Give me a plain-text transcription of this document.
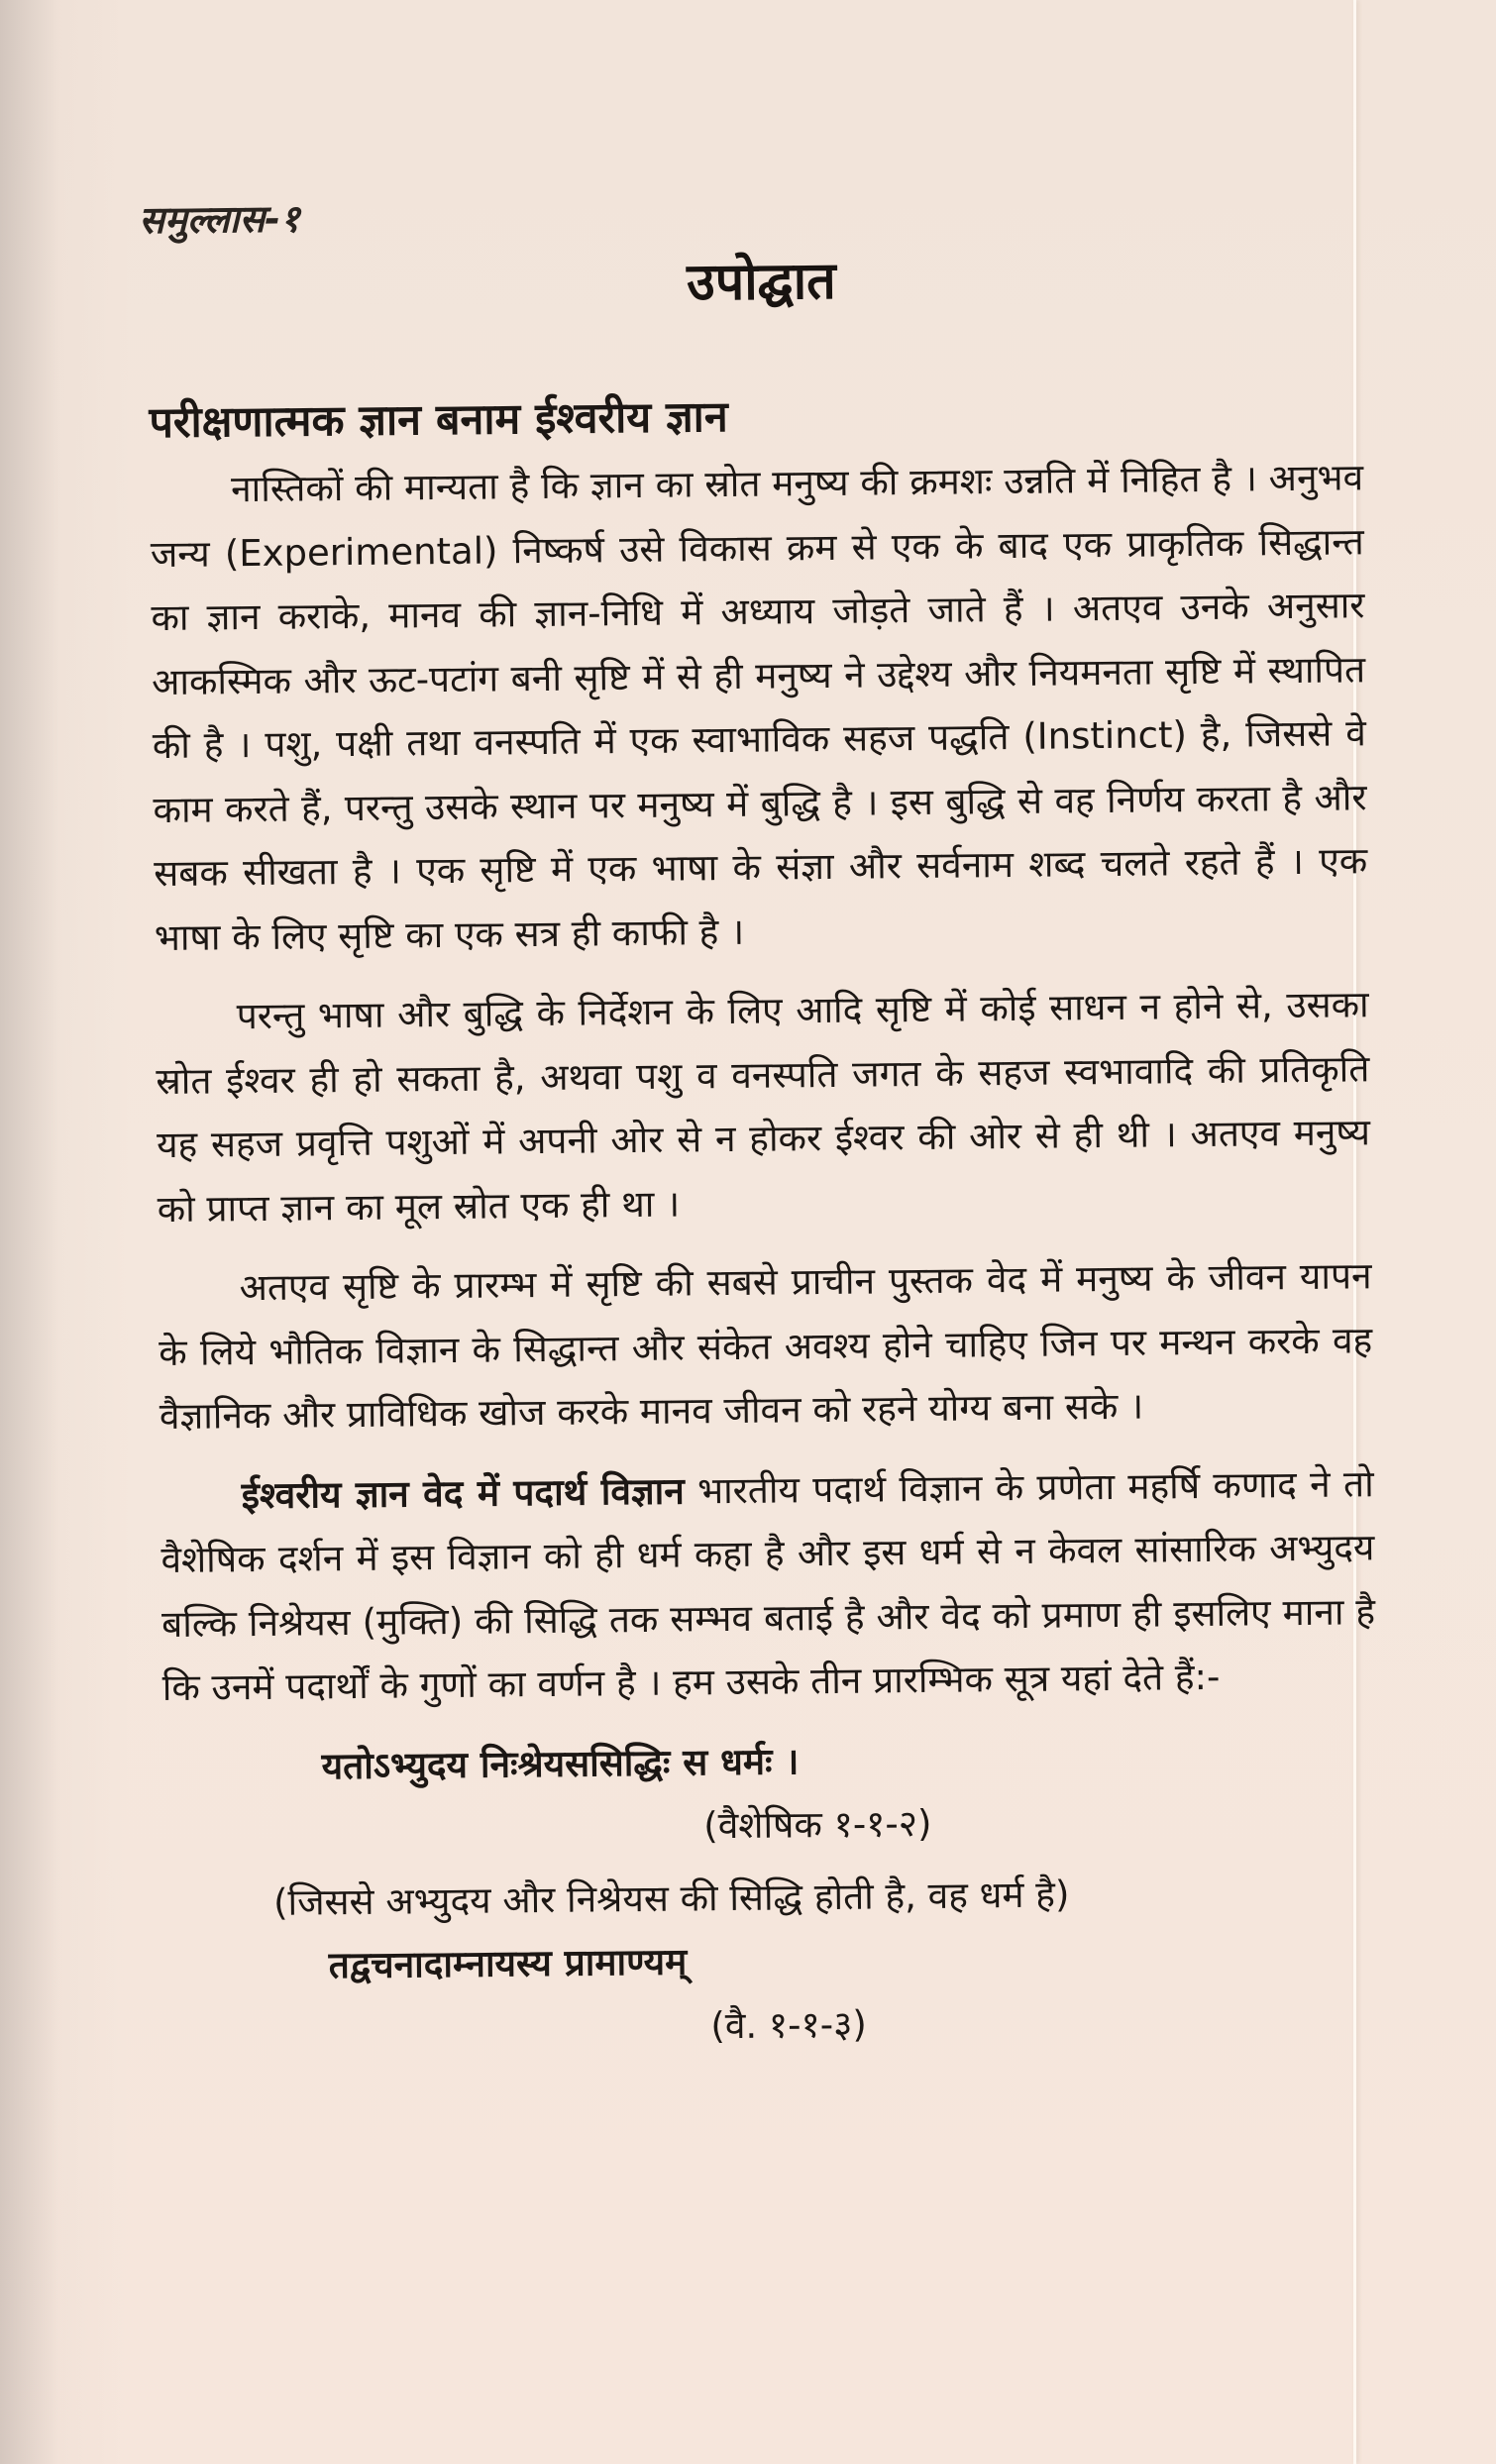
समुल्लास-१
उपोद्घात
परीक्षणात्मक ज्ञान बनाम ईश्वरीय ज्ञान

नास्तिकों की मान्यता है कि ज्ञान का स्रोत मनुष्य की क्रमशः उन्नति में निहित है । अनुभव जन्य (Experimental) निष्कर्ष उसे विकास क्रम से एक के बाद एक प्राकृतिक सिद्धान्त का ज्ञान कराके, मानव की ज्ञान-निधि में अध्याय जोड़ते जाते हैं । अतएव उनके अनुसार आकस्मिक और ऊट-पटांग बनी सृष्टि में से ही मनुष्य ने उद्देश्य और नियमनता सृष्टि में स्थापित की है । पशु, पक्षी तथा वनस्पति में एक स्वाभाविक सहज पद्धति (Instinct) है, जिससे वे काम करते हैं, परन्तु उसके स्थान पर मनुष्य में बुद्धि है । इस बुद्धि से वह निर्णय करता है और सबक सीखता है । एक सृष्टि में एक भाषा के संज्ञा और सर्वनाम शब्द चलते रहते हैं । एक भाषा के लिए सृष्टि का एक सत्र ही काफी है ।

परन्तु भाषा और बुद्धि के निर्देशन के लिए आदि सृष्टि में कोई साधन न होने से, उसका स्रोत ईश्वर ही हो सकता है, अथवा पशु व वनस्पति जगत के सहज स्वभावादि की प्रतिकृति यह सहज प्रवृत्ति पशुओं में अपनी ओर से न होकर ईश्वर की ओर से ही थी । अतएव मनुष्य को प्राप्त ज्ञान का मूल स्रोत एक ही था ।

अतएव सृष्टि के प्रारम्भ में सृष्टि की सबसे प्राचीन पुस्तक वेद में मनुष्य के जीवन यापन के लिये भौतिक विज्ञान के सिद्धान्त और संकेत अवश्य होने चाहिए जिन पर मन्थन करके वह वैज्ञानिक और प्राविधिक खोज करके मानव जीवन को रहने योग्य बना सके ।

ईश्वरीय ज्ञान वेद में पदार्थ विज्ञान भारतीय पदार्थ विज्ञान के प्रणेता महर्षि कणाद ने तो वैशेषिक दर्शन में इस विज्ञान को ही धर्म कहा है और इस धर्म से न केवल सांसारिक अभ्युदय बल्कि निश्रेयस (मुक्ति) की सिद्धि तक सम्भव बताई है और वेद को प्रमाण ही इसलिए माना है कि उनमें पदार्थों के गुणों का वर्णन है । हम उसके तीन प्रारम्भिक सूत्र यहां देते हैं:-

यतोऽभ्युदय निःश्रेयससिद्धिः स धर्मः ।

(वैशेषिक १-१-२)

(जिससे अभ्युदय और निश्रेयस की सिद्धि होती है, वह धर्म है)

तद्वचनादाम्नायस्य प्रामाण्यम्

(वै. १-१-३)
